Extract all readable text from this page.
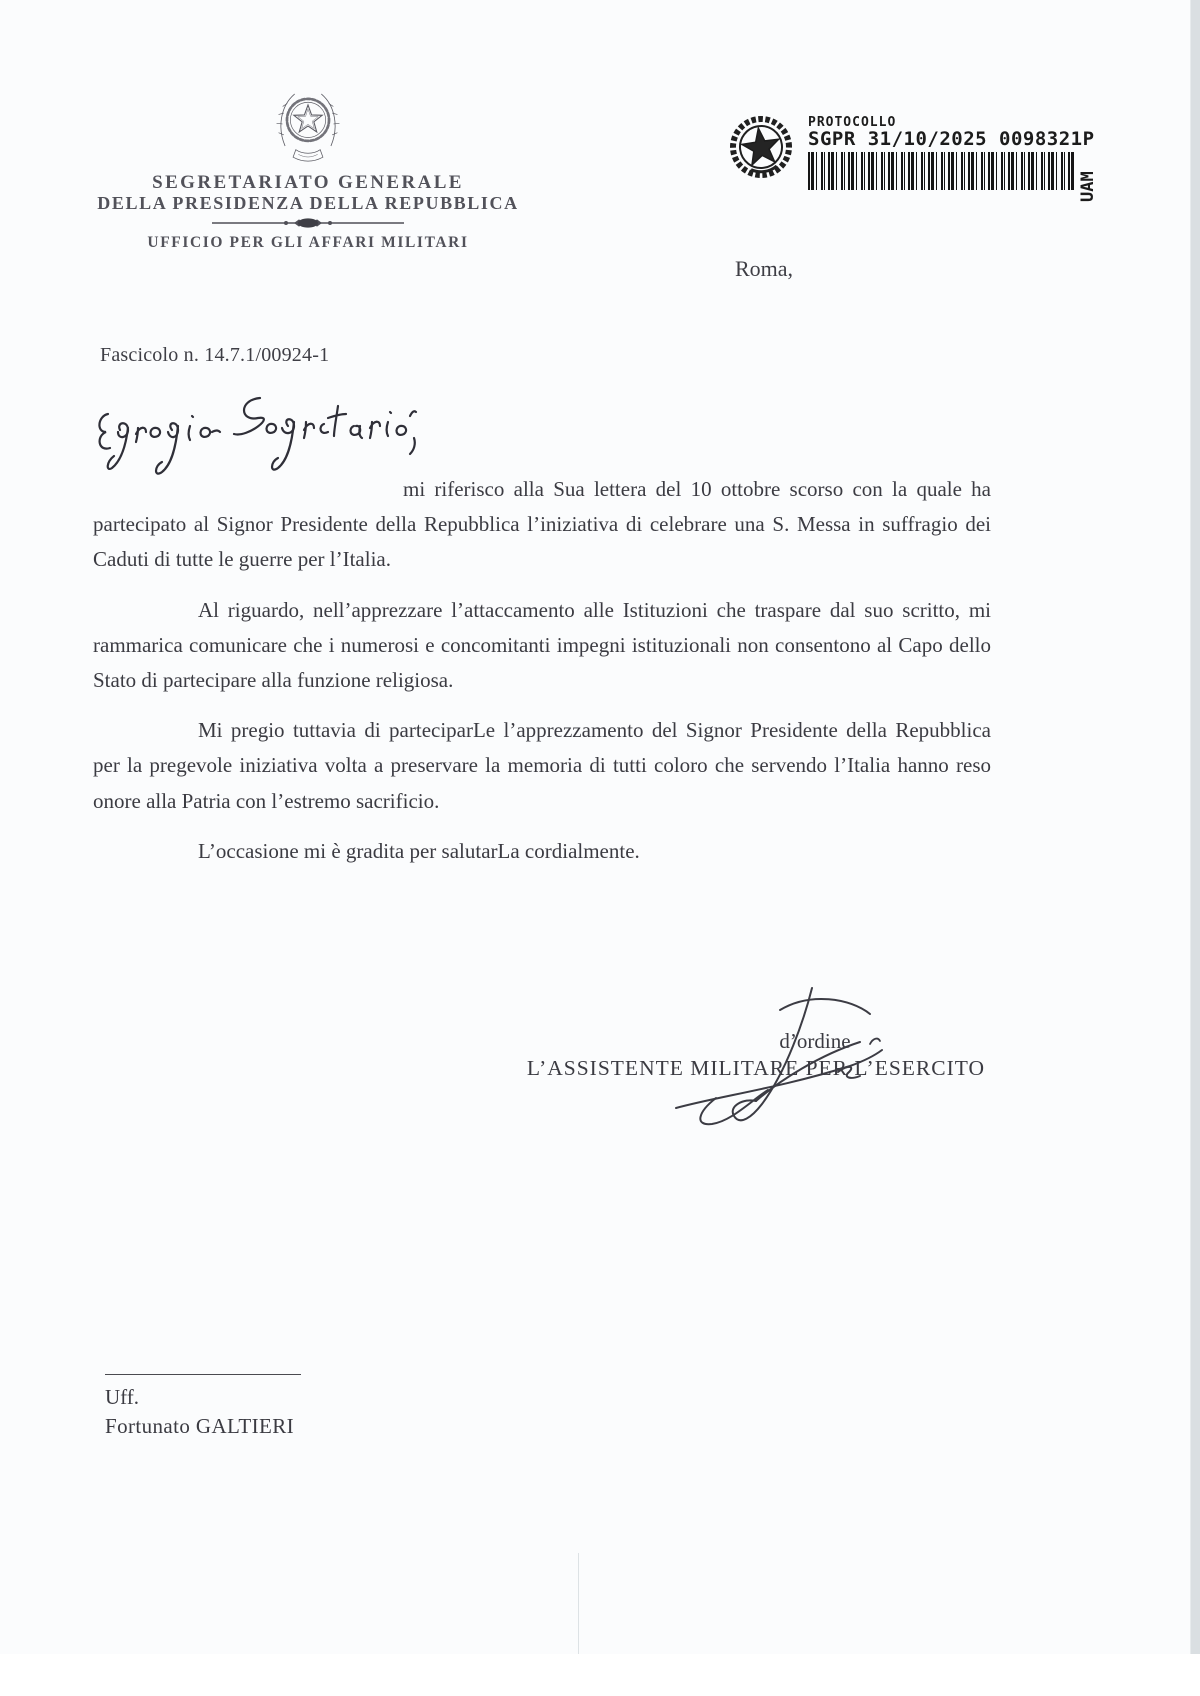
SEGRETARIATO GENERALE
DELLA PRESIDENZA DELLA REPUBBLICA
UFFICIO PER GLI AFFARI MILITARI
PROTOCOLLO
SGPR 31/10/2025 0098321P
UAM
Roma,
Fascicolo n. 14.7.1/00924-1

mi riferisco alla Sua lettera del 10 ottobre scorso con la quale ha partecipato al Signor Presidente della Repubblica l’iniziativa di celebrare una S. Messa in suffragio dei Caduti di tutte le guerre per l’Italia.

Al riguardo, nell’apprezzare l’attaccamento alle Istituzioni che traspare dal suo scritto, mi rammarica comunicare che i numerosi e concomitanti impegni istituzionali non consentono al Capo dello Stato di partecipare alla funzione religiosa.

Mi pregio tuttavia di parteciparLe l’apprezzamento del Signor Presidente della Repubblica per la pregevole iniziativa volta a preservare la memoria di tutti coloro che servendo l’Italia hanno reso onore alla Patria con l’estremo sacrificio.

L’occasione mi è gradita per salutarLa cordialmente.

d’ordine
L’ASSISTENTE MILITARE PER L’ESERCITO
Uff.
Fortunato GALTIERI
